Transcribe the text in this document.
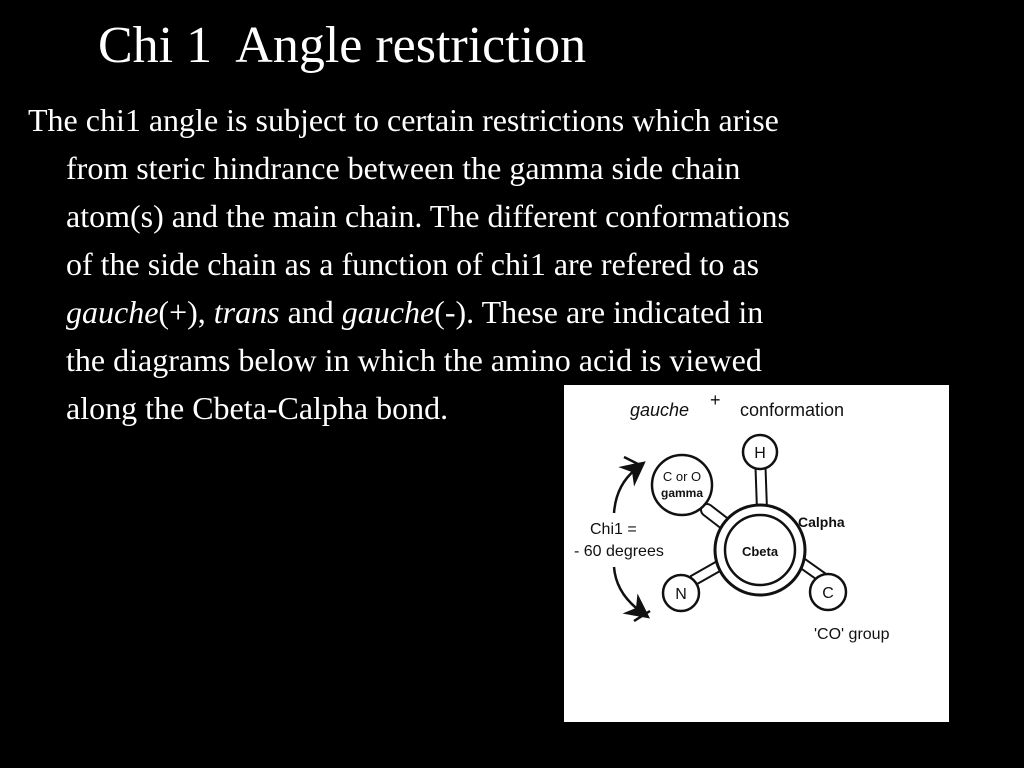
Chi 1  Angle restriction
The chi1 angle is subject to certain restrictions which arise
from steric hindrance between the gamma side chain
atom(s) and the main chain. The different conformations
of the side chain as a function of chi1 are refered to as
gauche(+), trans and gauche(-). These are indicated in
the diagrams below in which the amino acid is viewed
along the Cbeta-Calpha bond.	gauche + conformation
H
C or O
gamma
Cbeta
N	C
Calpha
Chi1 =
- 60 degrees
'CO' group
